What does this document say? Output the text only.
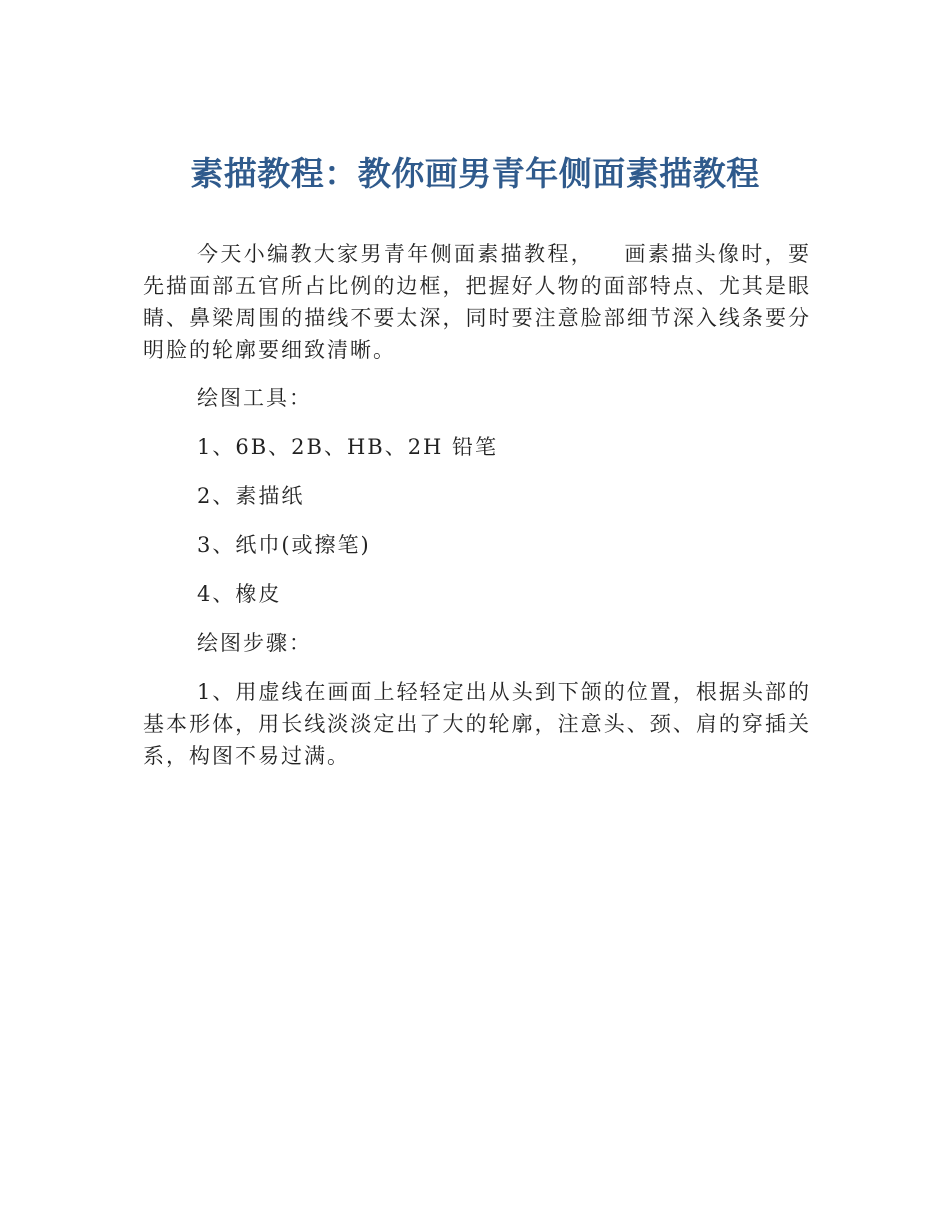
素描教程：教你画男青年侧面素描教程

今天小编教大家男青年侧面素描教程， 画素描头像时，要先描面部五官所占比例的边框，把握好人物的面部特点、尤其是眼睛、鼻梁周围的描线不要太深，同时要注意脸部细节深入线条要分明脸的轮廓要细致清晰。

绘图工具：

1、6B、2B、HB、2H 铅笔

2、素描纸

3、纸巾(或擦笔)

4、橡皮

绘图步骤：

1、用虚线在画面上轻轻定出从头到下颌的位置，根据头部的基本形体，用长线淡淡定出了大的轮廓，注意头、颈、肩的穿插关系，构图不易过满。
